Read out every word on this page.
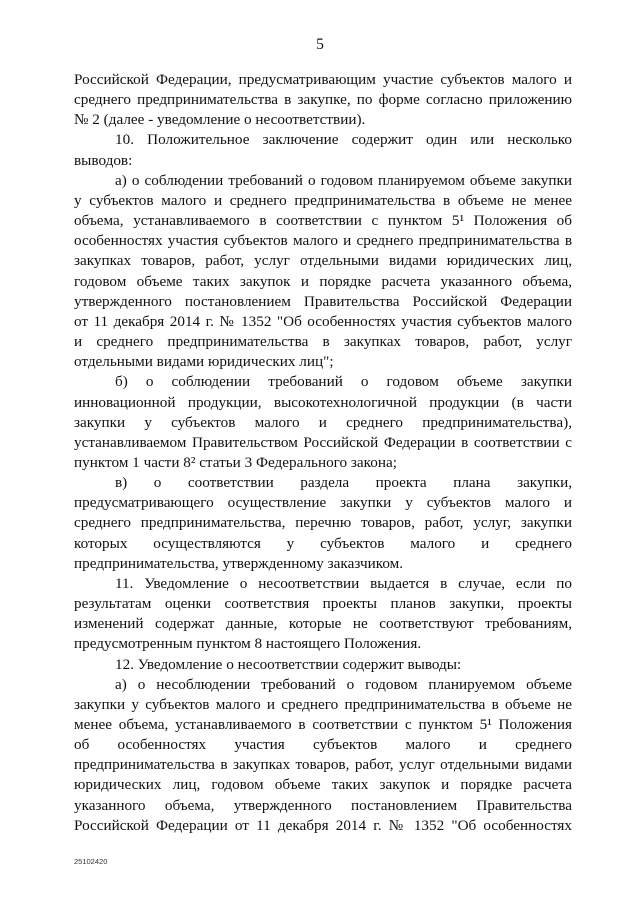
5
Российской Федерации, предусматривающим участие субъектов малого и
среднего предпринимательства в закупке, по форме согласно приложению
№ 2 (далее - уведомление о несоответствии).
10. Положительное заключение содержит один или несколько
выводов:
а) о соблюдении требований о годовом планируемом объеме закупки
у субъектов малого и среднего предпринимательства в объеме не менее
объема, устанавливаемого в соответствии с пунктом 5¹ Положения об
особенностях участия субъектов малого и среднего предпринимательства в
закупках товаров, работ, услуг отдельными видами юридических лиц,
годовом объеме таких закупок и порядке расчета указанного объема,
утвержденного постановлением Правительства Российской Федерации
от 11 декабря 2014 г. № 1352 "Об особенностях участия субъектов малого
и среднего предпринимательства в закупках товаров, работ, услуг
отдельными видами юридических лиц";
б) о соблюдении требований о годовом объеме закупки
инновационной продукции, высокотехнологичной продукции (в части
закупки у субъектов малого и среднего предпринимательства),
устанавливаемом Правительством Российской Федерации в соответствии с
пунктом 1 части 8² статьи 3 Федерального закона;
в) о соответствии раздела проекта плана закупки,
предусматривающего осуществление закупки у субъектов малого и
среднего предпринимательства, перечню товаров, работ, услуг, закупки
которых осуществляются у субъектов малого и среднего
предпринимательства, утвержденному заказчиком.
11. Уведомление о несоответствии выдается в случае, если по
результатам оценки соответствия проекты планов закупки, проекты
изменений содержат данные, которые не соответствуют требованиям,
предусмотренным пунктом 8 настоящего Положения.
12. Уведомление о несоответствии содержит выводы:
а) о несоблюдении требований о годовом планируемом объеме
закупки у субъектов малого и среднего предпринимательства в объеме не
менее объема, устанавливаемого в соответствии с пунктом 5¹ Положения
об особенностях участия субъектов малого и среднего
предпринимательства в закупках товаров, работ, услуг отдельными видами
юридических лиц, годовом объеме таких закупок и порядке расчета
указанного объема, утвержденного постановлением Правительства
Российской Федерации от 11 декабря 2014 г. № 1352 "Об особенностях
25102420
